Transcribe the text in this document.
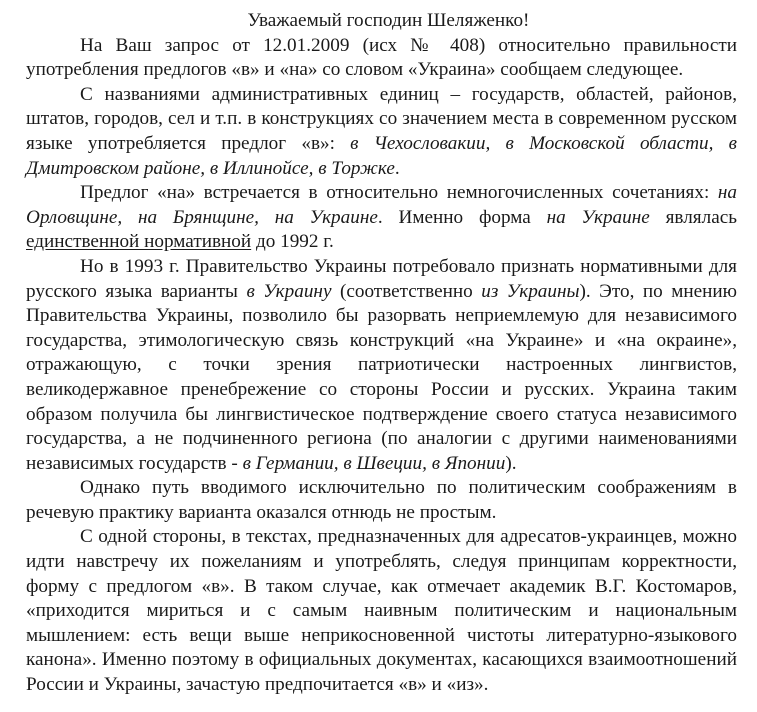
Уважаемый господин Шеляженко!

На Ваш запрос от 12.01.2009 (исх № 408) относительно правильности употребления предлогов «в» и «на» со словом «Украина» сообщаем следующее.

С названиями административных единиц – государств, областей, районов, штатов, городов, сел и т.п. в конструкциях со значением места в современном русском языке употребляется предлог «в»: в Чехословакии, в Московской области, в Дмитровском районе, в Иллинойсе, в Торжке.

Предлог «на» встречается в относительно немногочисленных сочетаниях: на Орловщине, на Брянщине, на Украине. Именно форма на Украине являлась единственной нормативной до 1992 г.

Но в 1993 г. Правительство Украины потребовало признать нормативными для русского языка варианты в Украину (соответственно из Украины). Это, по мнению Правительства Украины, позволило бы разорвать неприемлемую для независимого государства, этимологическую связь конструкций «на Украине» и «на окраине», отражающую, с точки зрения патриотически настроенных лингвистов, великодержавное пренебрежение со стороны России и русских. Украина таким образом получила бы лингвистическое подтверждение своего статуса независимого государства, а не подчиненного региона (по аналогии с другими наименованиями независимых государств - в Германии, в Швеции, в Японии).

Однако путь вводимого исключительно по политическим соображениям в речевую практику варианта оказался отнюдь не простым.

С одной стороны, в текстах, предназначенных для адресатов-украинцев, можно идти навстречу их пожеланиям и употреблять, следуя принципам корректности, форму с предлогом «в». В таком случае, как отмечает академик В.Г. Костомаров, «приходится мириться и с самым наивным политическим и национальным мышлением: есть вещи выше неприкосновенной чистоты литературно-языкового канона». Именно поэтому в официальных документах, касающихся взаимоотношений России и Украины, зачастую предпочитается «в» и «из».
